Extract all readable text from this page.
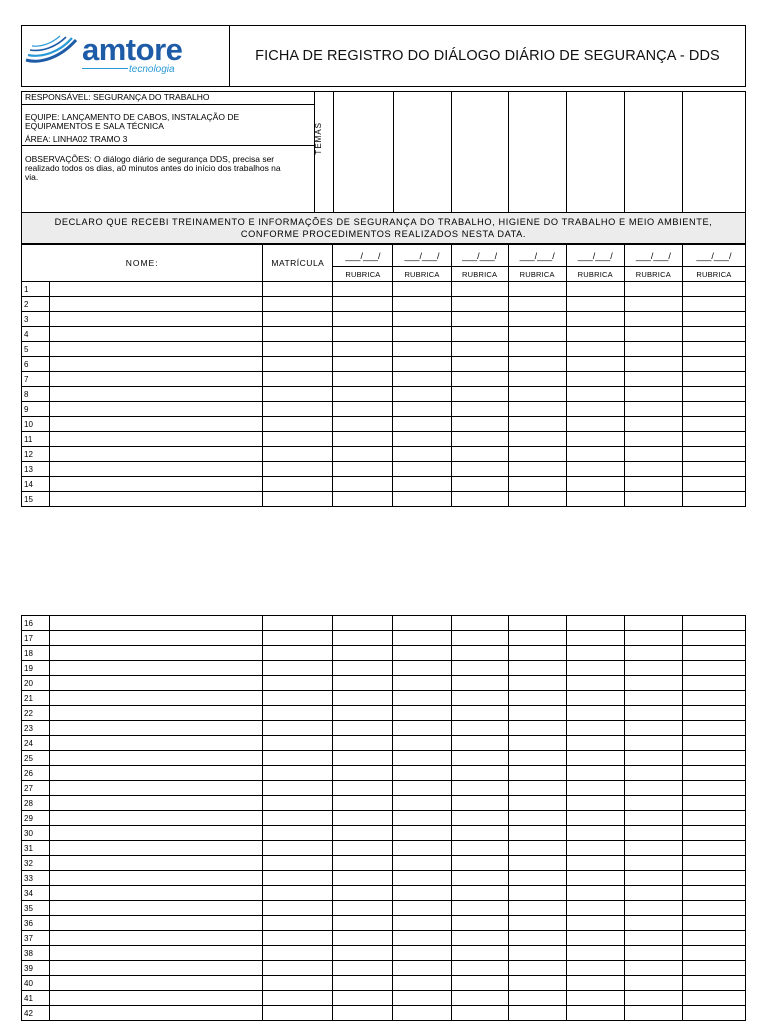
amtore
tecnologia
FICHA DE REGISTRO DO DIÁLOGO DIÁRIO DE SEGURANÇA - DDS
RESPONSÁVEL: SEGURANÇA DO TRABALHO
EQUIPE: LANÇAMENTO DE CABOS, INSTALAÇÃO DE
EQUIPAMENTOS E SALA TÉCNICA
ÁREA: LINHA02 TRAMO 3
OBSERVAÇÕES: O diálogo diário de segurança DDS, precisa ser
realizado todos os dias, a0 minutos antes do início dos trabalhos na
via.
TEMAS
DECLARO QUE RECEBI TREINAMENTO E INFORMAÇÕES DE SEGURANÇA DO TRABALHO, HIGIENE DO TRABALHO E MEIO AMBIENTE,
CONFORME PROCEDIMENTOS REALIZADOS NESTA DATA.
NOME:		MATRÍCULA	___/___/	___/___/	___/___/	___/___/	___/___/	___/___/	___/___/
			RUBRICA	RUBRICA	RUBRICA	RUBRICA	RUBRICA	RUBRICA	RUBRICA
1									
2									
3									
4									
5									
6									
7									
8									
9									
10									
11									
12									
13									
14									
15									
16									
17									
18									
19									
20									
21									
22									
23									
24									
25									
26									
27									
28									
29									
30									
31									
32									
33									
34									
35									
36									
37									
38									
39									
40									
41									
42									
